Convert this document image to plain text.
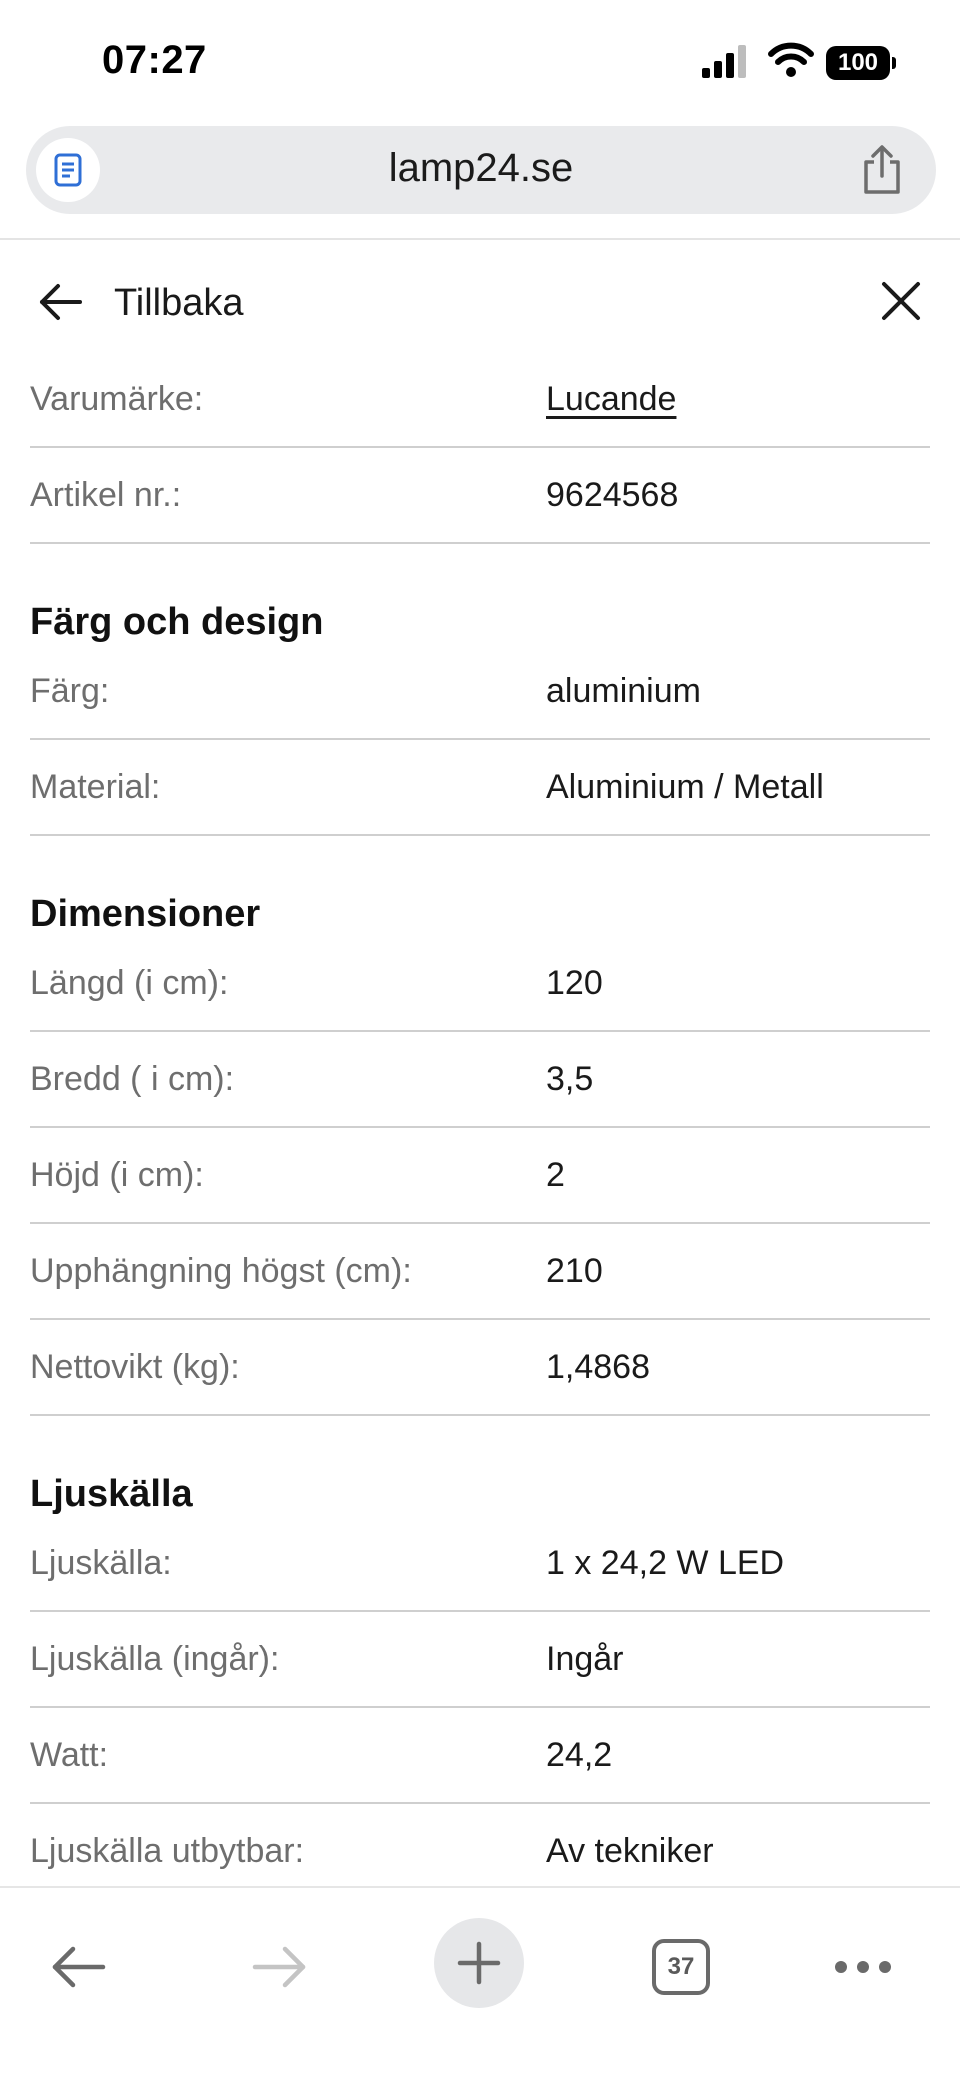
07:27	100
lamp24.se
Tillbaka
Varumärke:	Lucande
Artikel nr.:	9624568
Färg och design
Färg:	aluminium
Material:	Aluminium / Metall
Dimensioner
Längd (i cm):	120
Bredd ( i cm):	3,5
Höjd (i cm):	2
Upphängning högst (cm):	210
Nettovikt (kg):	1,4868
Ljuskälla
Ljuskälla:	1 x 24,2 W LED
Ljuskälla (ingår):	Ingår
Watt:	24,2
Ljuskälla utbytbar:	Av tekniker
37
